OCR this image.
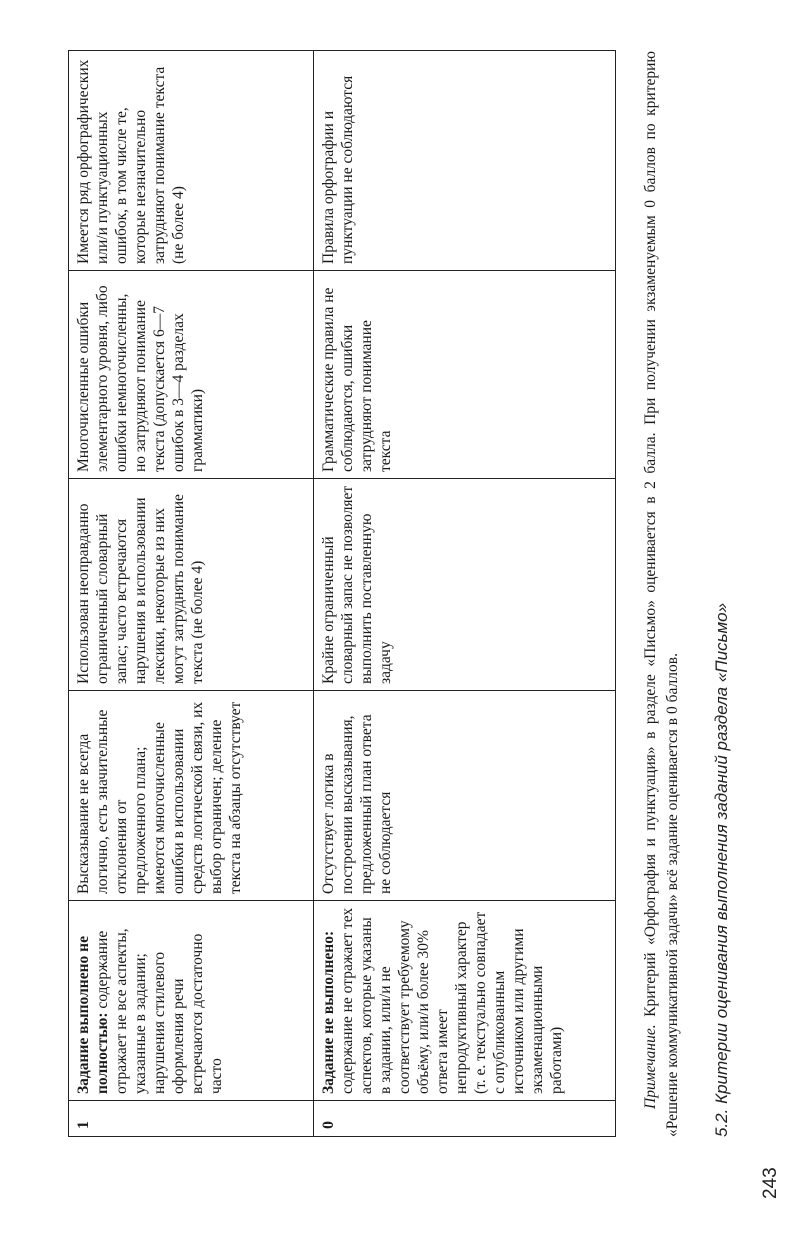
1	Задание выполнено не полностью: содержание отражает не все аспекты, указанные в задании; нарушения стилевого оформления речи встречаются достаточно часто	Высказывание не всегда логично, есть значительные отклонения от предложенного плана; имеются многочисленные ошибки в использовании средств логической связи, их выбор ограничен; деление текста на абзацы отсутствует	Использован неоправданно ограниченный словарный запас; часто встречаются нарушения в использовании лексики, некоторые из них могут затруднять понимание текста (не более 4)	Многочисленные ошибки элементарного уровня, либо ошибки немногочисленны, но затрудняют понимание текста (допускается 6—7 ошибок в 3—4 разделах грамматики)	Имеется ряд орфографических или/и пунктуационных ошибок, в том числе те, которые незначительно затрудняют понимание текста (не более 4)
0	Задание не выполнено: содержание не отражает тех аспектов, которые указаны в задании, или/и не соответствует требуемому объёму, или/и более 30% ответа имеет непродуктивный характер (т. е. текстуально совпадает с опубликованным источником или другими экзаменационными работами)	Отсутствует логика в построении высказывания, предложенный план ответа не соблюдается	Крайне ограниченный словарный запас не позволяет выполнить поставленную задачу	Грамматические правила не соблюдаются, ошибки затрудняют понимание текста	Правила орфографии и пунктуации не соблюдаются
Примечание. Критерий «Орфография и пунктуация» в разделе «Письмо» оценивается в 2 балла. При получении экзаменуемым 0 баллов по критерию «Решение коммуникативной задачи» всё задание оценивается в 0 баллов. 5.2. Критерии оценивания выполнения заданий раздела «Письмо»
243
